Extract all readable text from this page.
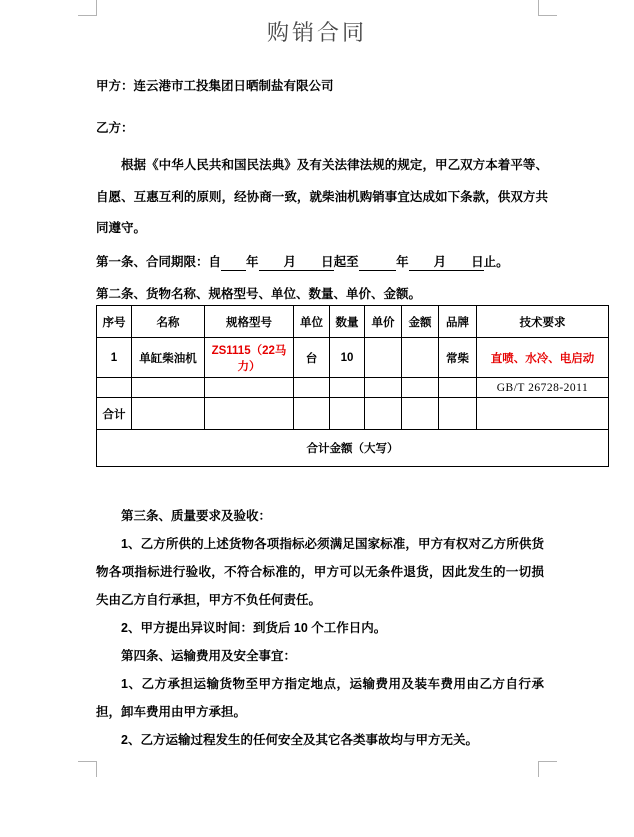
购销合同
甲方：连云港市工投集团日晒制盐有限公司
乙方：

根据《中华人民共和国民法典》及有关法律法规的规定，甲乙双方本着平等、自愿、互惠互利的原则，经协商一致，就柴油机购销事宜达成如下条款，供双方共同遵守。

第一条、合同期限：自　　 年　　月　　日起至　　　	年　　月　　日止。
第二条、货物名称、规格型号、单位、数量、单价、金额。
序号	名称	规格型号	单位	数量	单价	金额	品牌	技术要求
1	单缸柴油机	ZS1115（22马力）	台	10			常柴	直喷、水冷、电启动
								GB/T 26728-2011
合计								
合计金额（大写）								

第三条、质量要求及验收：

1、乙方所供的上述货物各项指标必须满足国家标准，甲方有权对乙方所供货物各项指标进行验收，不符合标准的，甲方可以无条件退货，因此发生的一切损失由乙方自行承担，甲方不负任何责任。

2、甲方提出异议时间：到货后 10 个工作日内。

第四条、运输费用及安全事宜：

1、乙方承担运输货物至甲方指定地点，运输费用及装车费用由乙方自行承担，卸车费用由甲方承担。

2、乙方运输过程发生的任何安全及其它各类事故均与甲方无关。
